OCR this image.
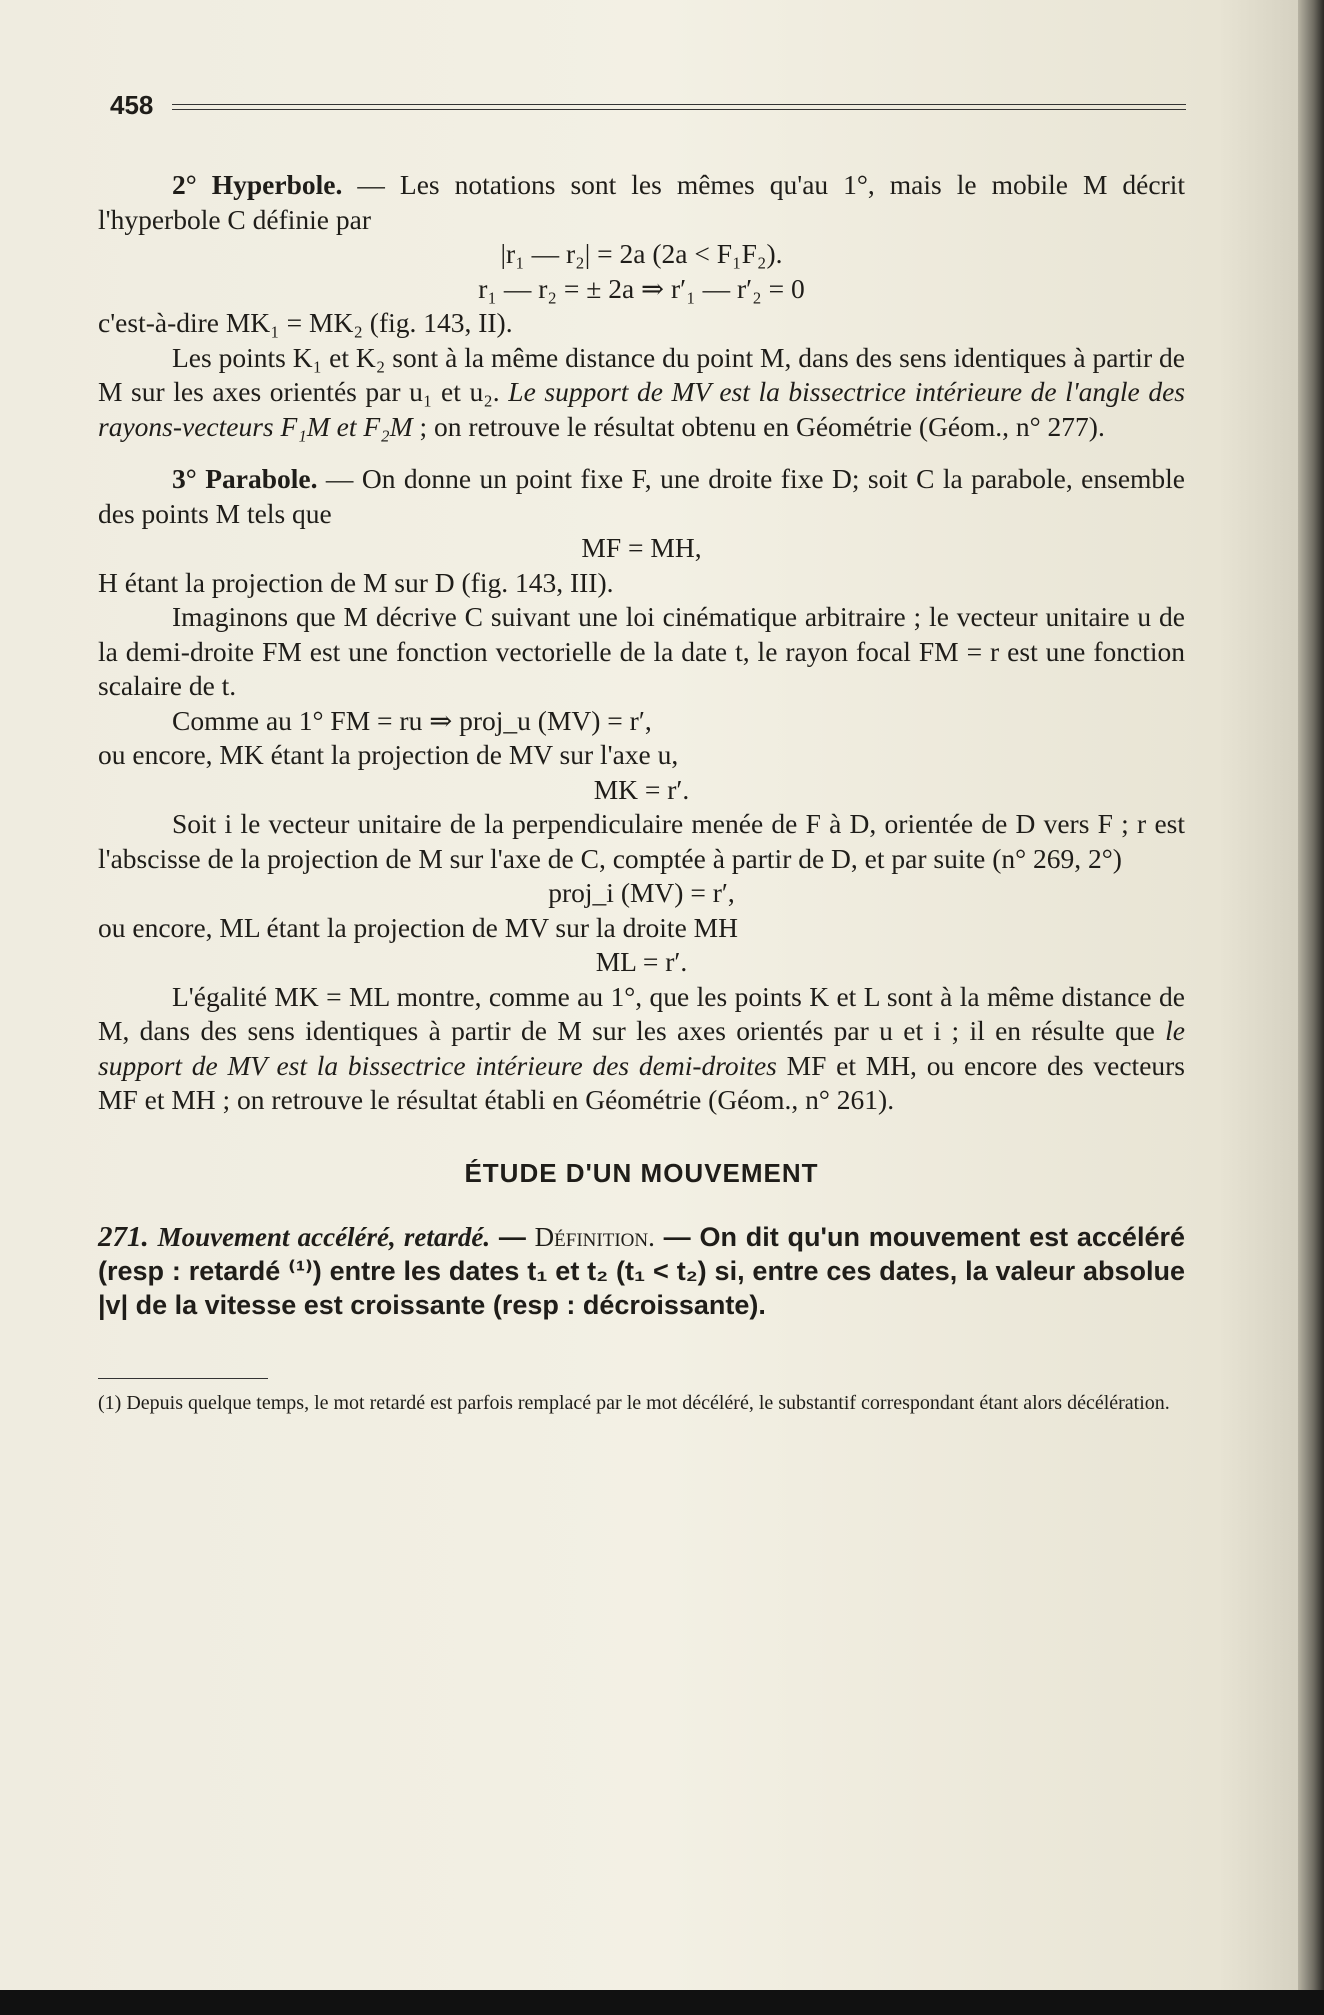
458

2° Hyperbole. — Les notations sont les mêmes qu'au 1°, mais le mobile M décrit l'hyperbole C définie par

|r₁ — r₂| = 2a (2a < F₁F₂).

r₁ — r₂ = ± 2a ⇒ r′₁ — r′₂ = 0

c'est-à-dire MK₁ = MK₂ (fig. 143, II).

Les points K₁ et K₂ sont à la même distance du point M, dans des sens identiques à partir de M sur les axes orientés par u₁ et u₂. Le support de MV est la bissectrice intérieure de l'angle des rayons-vecteurs F₁M et F₂M ; on retrouve le résultat obtenu en Géométrie (Géom., n° 277).

3° Parabole. — On donne un point fixe F, une droite fixe D; soit C la parabole, ensemble des points M tels que

MF = MH,

H étant la projection de M sur D (fig. 143, III).

Imaginons que M décrive C suivant une loi cinématique arbitraire ; le vecteur unitaire u de la demi-droite FM est une fonction vectorielle de la date t, le rayon focal FM = r est une fonction scalaire de t.

Comme au 1° FM = ru ⇒ proj_u (MV) = r′,

ou encore, MK étant la projection de MV sur l'axe u,

MK = r′.

Soit i le vecteur unitaire de la perpendiculaire menée de F à D, orientée de D vers F ; r est l'abscisse de la projection de M sur l'axe de C, comptée à partir de D, et par suite (n° 269, 2°)

proj_i (MV) = r′,

ou encore, ML étant la projection de MV sur la droite MH

ML = r′.

L'égalité MK = ML montre, comme au 1°, que les points K et L sont à la même distance de M, dans des sens identiques à partir de M sur les axes orientés par u et i ; il en résulte que le support de MV est la bissectrice intérieure des demi-droites MF et MH, ou encore des vecteurs MF et MH ; on retrouve le résultat établi en Géométrie (Géom., n° 261).

ÉTUDE D'UN MOUVEMENT

271. Mouvement accéléré, retardé. — Définition. — On dit qu'un mouvement est accéléré (resp : retardé ⁽¹⁾) entre les dates t₁ et t₂ (t₁ < t₂) si, entre ces dates, la valeur absolue |v| de la vitesse est croissante (resp : décroissante).

(1) Depuis quelque temps, le mot retardé est parfois remplacé par le mot décéléré, le substantif correspondant étant alors décélération.
